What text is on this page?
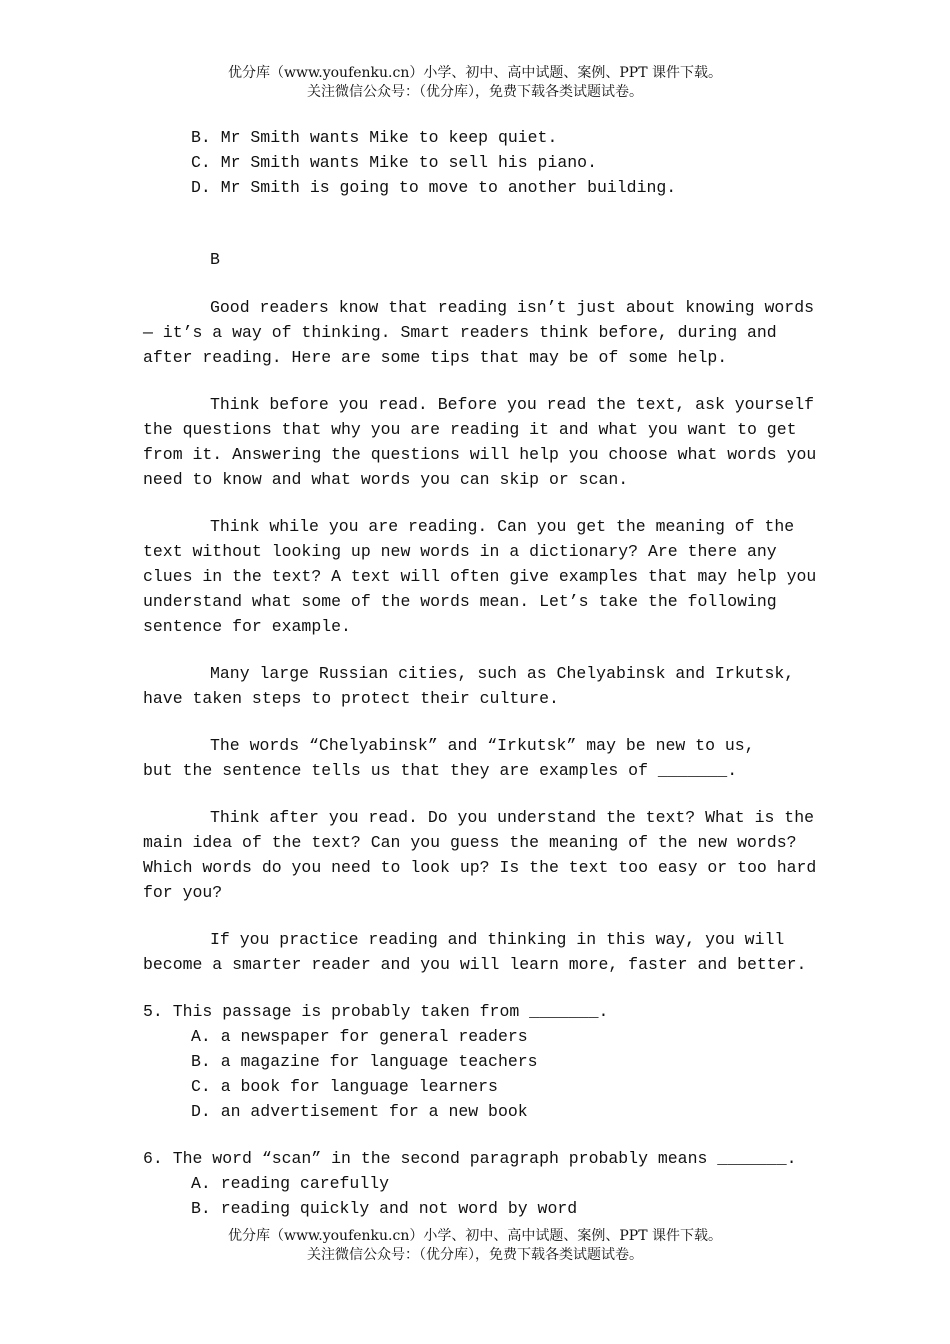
优分库（www.youfenku.cn）小学、初中、高中试题、案例、PPT 课件下载。
关注微信公众号：（优分库），免费下载各类试题试卷。
B. Mr Smith wants Mike to keep quiet.
C. Mr Smith wants Mike to sell his piano.
D. Mr Smith is going to move to another building.
B
Good readers know that reading isn’t just about knowing words
— it’s a way of thinking. Smart readers think before, during and
after reading. Here are some tips that may be of some help.
Think before you read. Before you read the text, ask yourself
the questions that why you are reading it and what you want to get
from it. Answering the questions will help you choose what words you
need to know and what words you can skip or scan.
Think while you are reading. Can you get the meaning of the
text without looking up new words in a dictionary? Are there any
clues in the text? A text will often give examples that may help you
understand what some of the words mean. Let’s take the following
sentence for example.
Many large Russian cities, such as Chelyabinsk and Irkutsk,
have taken steps to protect their culture.
The words “Chelyabinsk” and “Irkutsk” may be new to us,
but the sentence tells us that they are examples of _______.
Think after you read. Do you understand the text? What is the
main idea of the text? Can you guess the meaning of the new words?
Which words do you need to look up? Is the text too easy or too hard
for you?
If you practice reading and thinking in this way, you will
become a smarter reader and you will learn more, faster and better.
5. This passage is probably taken from _______.
A. a newspaper for general readers
B. a magazine for language teachers
C. a book for language learners
D. an advertisement for a new book
6. The word “scan” in the second paragraph probably means _______.
A. reading carefully
B. reading quickly and not word by word
优分库（www.youfenku.cn）小学、初中、高中试题、案例、PPT 课件下载。
关注微信公众号：（优分库），免费下载各类试题试卷。
